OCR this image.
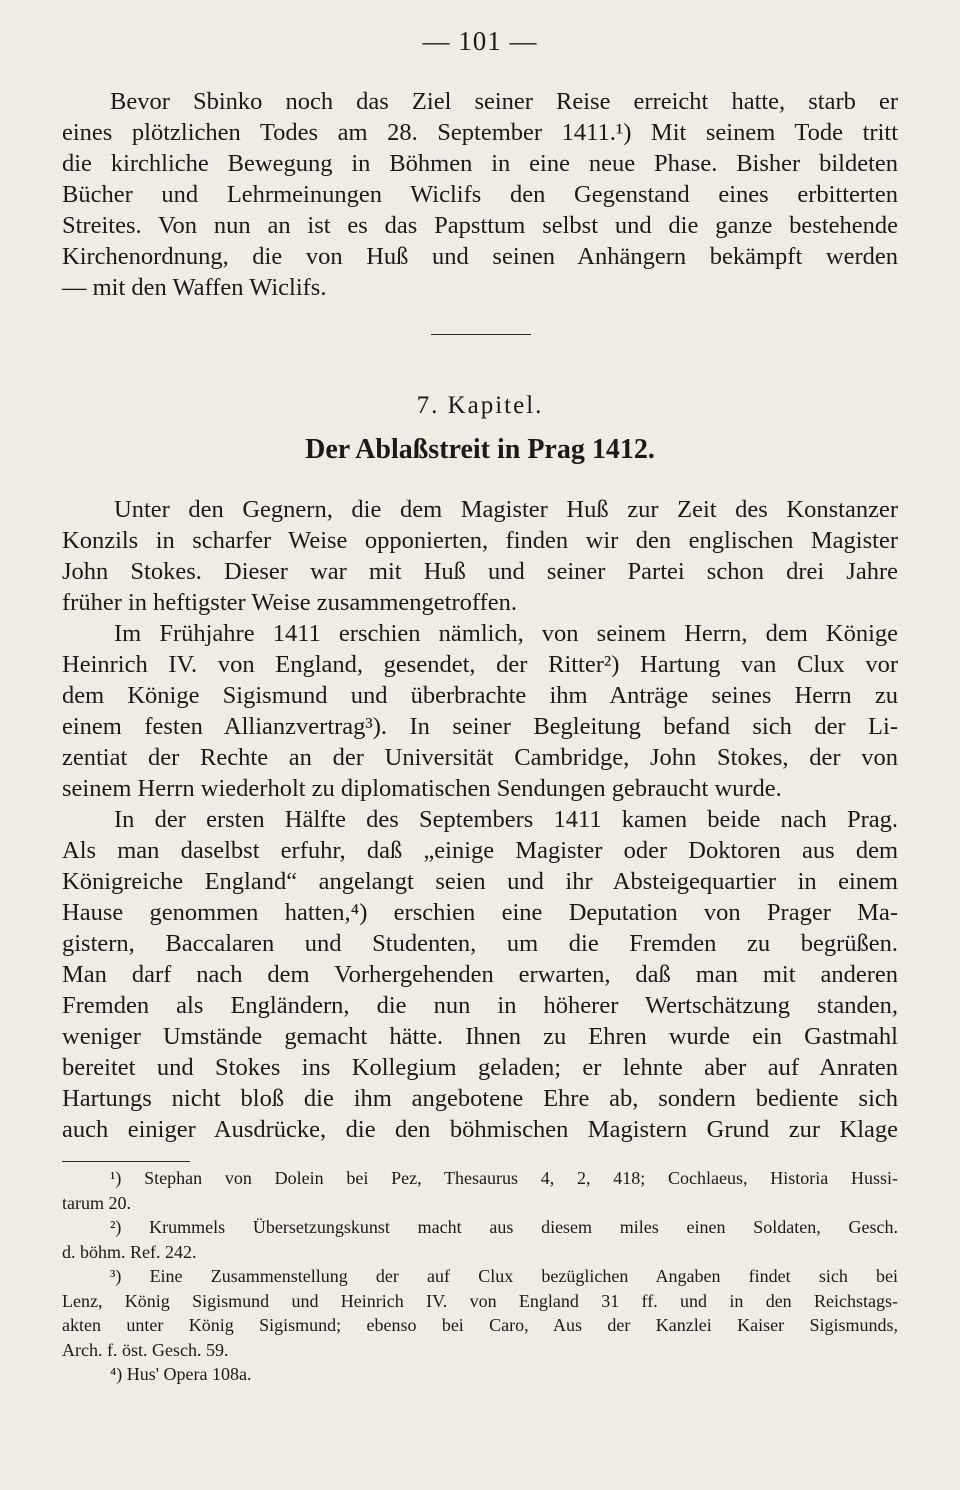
— 101 —
Bevor Sbinko noch das Ziel seiner Reise erreicht hatte, starb er
eines plötzlichen Todes am 28. September 1411.¹) Mit seinem Tode tritt
die kirchliche Bewegung in Böhmen in eine neue Phase. Bisher bildeten
Bücher und Lehrmeinungen Wiclifs den Gegenstand eines erbitterten
Streites. Von nun an ist es das Papsttum selbst und die ganze bestehende
Kirchenordnung, die von Huß und seinen Anhängern bekämpft werden
— mit den Waffen Wiclifs.
7. Kapitel.
Der Ablaßstreit in Prag 1412.
Unter den Gegnern, die dem Magister Huß zur Zeit des Konstanzer
Konzils in scharfer Weise opponierten, finden wir den englischen Magister
John Stokes. Dieser war mit Huß und seiner Partei schon drei Jahre
früher in heftigster Weise zusammengetroffen.
Im Frühjahre 1411 erschien nämlich, von seinem Herrn, dem Könige
Heinrich IV. von England, gesendet, der Ritter²) Hartung van Clux vor
dem Könige Sigismund und überbrachte ihm Anträge seines Herrn zu
einem festen Allianzvertrag³). In seiner Begleitung befand sich der Li-
zentiat der Rechte an der Universität Cambridge, John Stokes, der von
seinem Herrn wiederholt zu diplomatischen Sendungen gebraucht wurde.
In der ersten Hälfte des Septembers 1411 kamen beide nach Prag.
Als man daselbst erfuhr, daß „einige Magister oder Doktoren aus dem
Königreiche England“ angelangt seien und ihr Absteigequartier in einem
Hause genommen hatten,⁴) erschien eine Deputation von Prager Ma-
gistern, Baccalaren und Studenten, um die Fremden zu begrüßen.
Man darf nach dem Vorhergehenden erwarten, daß man mit anderen
Fremden als Engländern, die nun in höherer Wertschätzung standen,
weniger Umstände gemacht hätte. Ihnen zu Ehren wurde ein Gastmahl
bereitet und Stokes ins Kollegium geladen; er lehnte aber auf Anraten
Hartungs nicht bloß die ihm angebotene Ehre ab, sondern bediente sich
auch einiger Ausdrücke, die den böhmischen Magistern Grund zur Klage
¹) Stephan von Dolein bei Pez, Thesaurus 4, 2, 418; Cochlaeus, Historia Hussi-
tarum 20.
²) Krummels Übersetzungskunst macht aus diesem miles einen Soldaten, Gesch.
d. böhm. Ref. 242.
³) Eine Zusammenstellung der auf Clux bezüglichen Angaben findet sich bei
Lenz, König Sigismund und Heinrich IV. von England 31 ff. und in den Reichstags-
akten unter König Sigismund; ebenso bei Caro, Aus der Kanzlei Kaiser Sigismunds,
Arch. f. öst. Gesch. 59.
⁴) Hus' Opera 108a.
